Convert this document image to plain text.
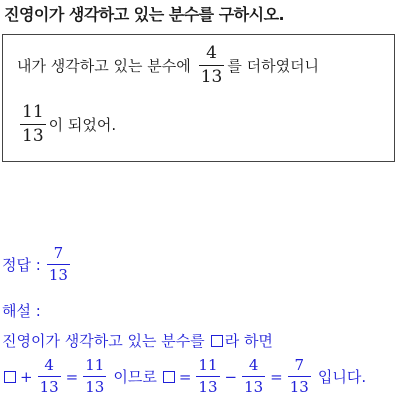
진영이가 생각하고 있는 분수를 구하시오.
내가 생각하고 있는 분수에 $\frac{4}{13}$ 를 더하였더니
$\frac{11}{13}$ 이 되었어.
정답 : $\frac{7}{13}$
해설 :
진영이가 생각하고 있는 분수를 라 하면
+ $\frac{4}{13} = \frac{11}{13}$ 이므로 = $\frac{11}{13} - \frac{4}{13} = \frac{7}{13}$ 입니다.
